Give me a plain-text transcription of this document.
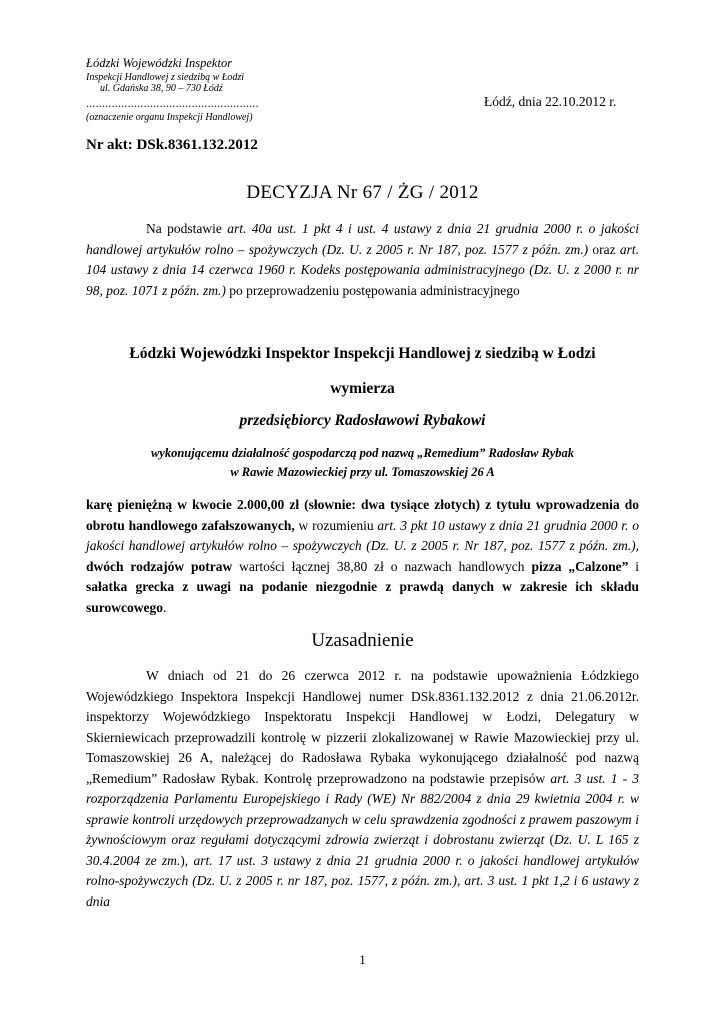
Łódzki Wojewódzki Inspektor
Inspekcji Handlowej z siedzibą w Łodzi
ul. Gdańska 38, 90 – 730 Łódź
......................................................	Łódź, dnia 22.10.2012 r.
(oznaczenie organu Inspekcji Handlowej)
Nr akt: DSk.8361.132.2012
DECYZJA Nr 67 / ŻG / 2012

Na podstawie art. 40a ust. 1 pkt 4 i ust. 4 ustawy z dnia 21 grudnia 2000 r. o jakości handlowej artykułów rolno – spożywczych (Dz. U. z 2005 r. Nr 187, poz. 1577 z późn. zm.) oraz art. 104 ustawy z dnia 14 czerwca 1960 r. Kodeks postępowania administracyjnego (Dz. U. z 2000 r. nr 98, poz. 1071 z późn. zm.) po przeprowadzeniu postępowania administracyjnego

Łódzki Wojewódzki Inspektor Inspekcji Handlowej z siedzibą w Łodzi
wymierza
przedsiębiorcy Radosławowi Rybakowi
wykonującemu działalność gospodarczą pod nazwą „Remedium” Radosław Rybak
w Rawie Mazowieckiej przy ul. Tomaszowskiej 26 A

karę pieniężną w kwocie 2.000,00 zł (słownie: dwa tysiące złotych) z tytułu wprowadzenia do obrotu handlowego zafałszowanych, w rozumieniu art. 3 pkt 10 ustawy z dnia 21 grudnia 2000 r. o jakości handlowej artykułów rolno – spożywczych (Dz. U. z 2005 r. Nr 187, poz. 1577 z późn. zm.), dwóch rodzajów potraw wartości łącznej 38,80 zł o nazwach handlowych pizza „Calzone” i sałatka grecka z uwagi na podanie niezgodnie z prawdą danych w zakresie ich składu surowcowego.

Uzasadnienie

W dniach od 21 do 26 czerwca 2012 r. na podstawie upoważnienia Łódzkiego Wojewódzkiego Inspektora Inspekcji Handlowej numer DSk.8361.132.2012 z dnia 21.06.2012r. inspektorzy Wojewódzkiego Inspektoratu Inspekcji Handlowej w Łodzi, Delegatury w Skierniewicach przeprowadzili kontrolę w pizzerii zlokalizowanej w Rawie Mazowieckiej przy ul. Tomaszowskiej 26 A, należącej do Radosława Rybaka wykonującego działalność pod nazwą „Remedium” Radosław Rybak. Kontrolę przeprowadzono na podstawie przepisów art. 3 ust. 1 - 3 rozporządzenia Parlamentu Europejskiego i Rady (WE) Nr 882/2004 z dnia 29 kwietnia 2004 r. w sprawie kontroli urzędowych przeprowadzanych w celu sprawdzenia zgodności z prawem paszowym i żywnościowym oraz regułami dotyczącymi zdrowia zwierząt i dobrostanu zwierząt (Dz. U. L 165 z 30.4.2004 ze zm.), art. 17 ust. 3 ustawy z dnia 21 grudnia 2000 r. o jakości handlowej artykułów rolno-spożywczych (Dz. U. z 2005 r. nr 187, poz. 1577, z późn. zm.), art. 3 ust. 1 pkt 1,2 i 6 ustawy z dnia

1
